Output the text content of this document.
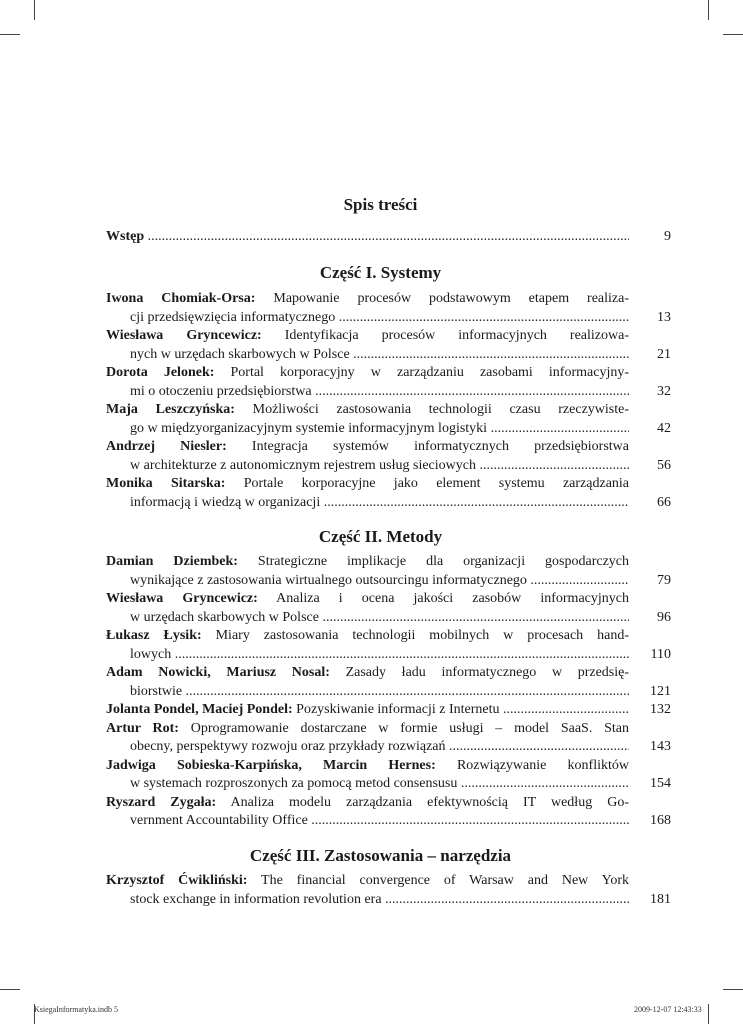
Spis treści
Wstęp .....	9
Część I. Systemy
Iwona Chomiak-Orsa: Mapowanie procesów podstawowym etapem realiza-
cji przedsięwzięcia informatycznego .....	13
Wiesława Gryncewicz: Identyfikacja procesów informacyjnych realizowa-
nych w urzędach skarbowych w Polsce .....	21
Dorota Jelonek: Portal korporacyjny w zarządzaniu zasobami informacyjny-
mi o otoczeniu przedsiębiorstwa .....	32
Maja Leszczyńska: Możliwości zastosowania technologii czasu rzeczywiste-
go w międzyorganizacyjnym systemie informacyjnym logistyki .....	42
Andrzej Niesler: Integracja systemów informatycznych przedsiębiorstwa
w architekturze z autonomicznym rejestrem usług sieciowych .....	56
Monika Sitarska: Portale korporacyjne jako element systemu zarządzania
informacją i wiedzą w organizacji .....	66
Część II. Metody
Damian Dziembek: Strategiczne implikacje dla organizacji gospodarczych
wynikające z zastosowania wirtualnego outsourcingu informatycznego .....	79
Wiesława Gryncewicz: Analiza i ocena jakości zasobów informacyjnych
w urzędach skarbowych w Polsce .....	96
Łukasz Łysik: Miary zastosowania technologii mobilnych w procesach hand-
lowych .....	110
Adam Nowicki, Mariusz Nosal: Zasady ładu informatycznego w przedsię-
biorstwie .....	121
Jolanta Pondel, Maciej Pondel: Pozyskiwanie informacji z Internetu .....	132
Artur Rot: Oprogramowanie dostarczane w formie usługi – model SaaS. Stan
obecny, perspektywy rozwoju oraz przykłady rozwiązań .....	143
Jadwiga Sobieska-Karpińska, Marcin Hernes: Rozwiązywanie konfliktów
w systemach rozproszonych za pomocą metod consensusu .....	154
Ryszard Zygała: Analiza modelu zarządzania efektywnością IT według Go-
vernment Accountability Office .....	168
Część III. Zastosowania – narzędzia
Krzysztof Ćwikliński: The financial convergence of Warsaw and New York
stock exchange in information revolution era .....	181
KsiegaInformatyka.indb 5	2009-12-07 12:43:33
